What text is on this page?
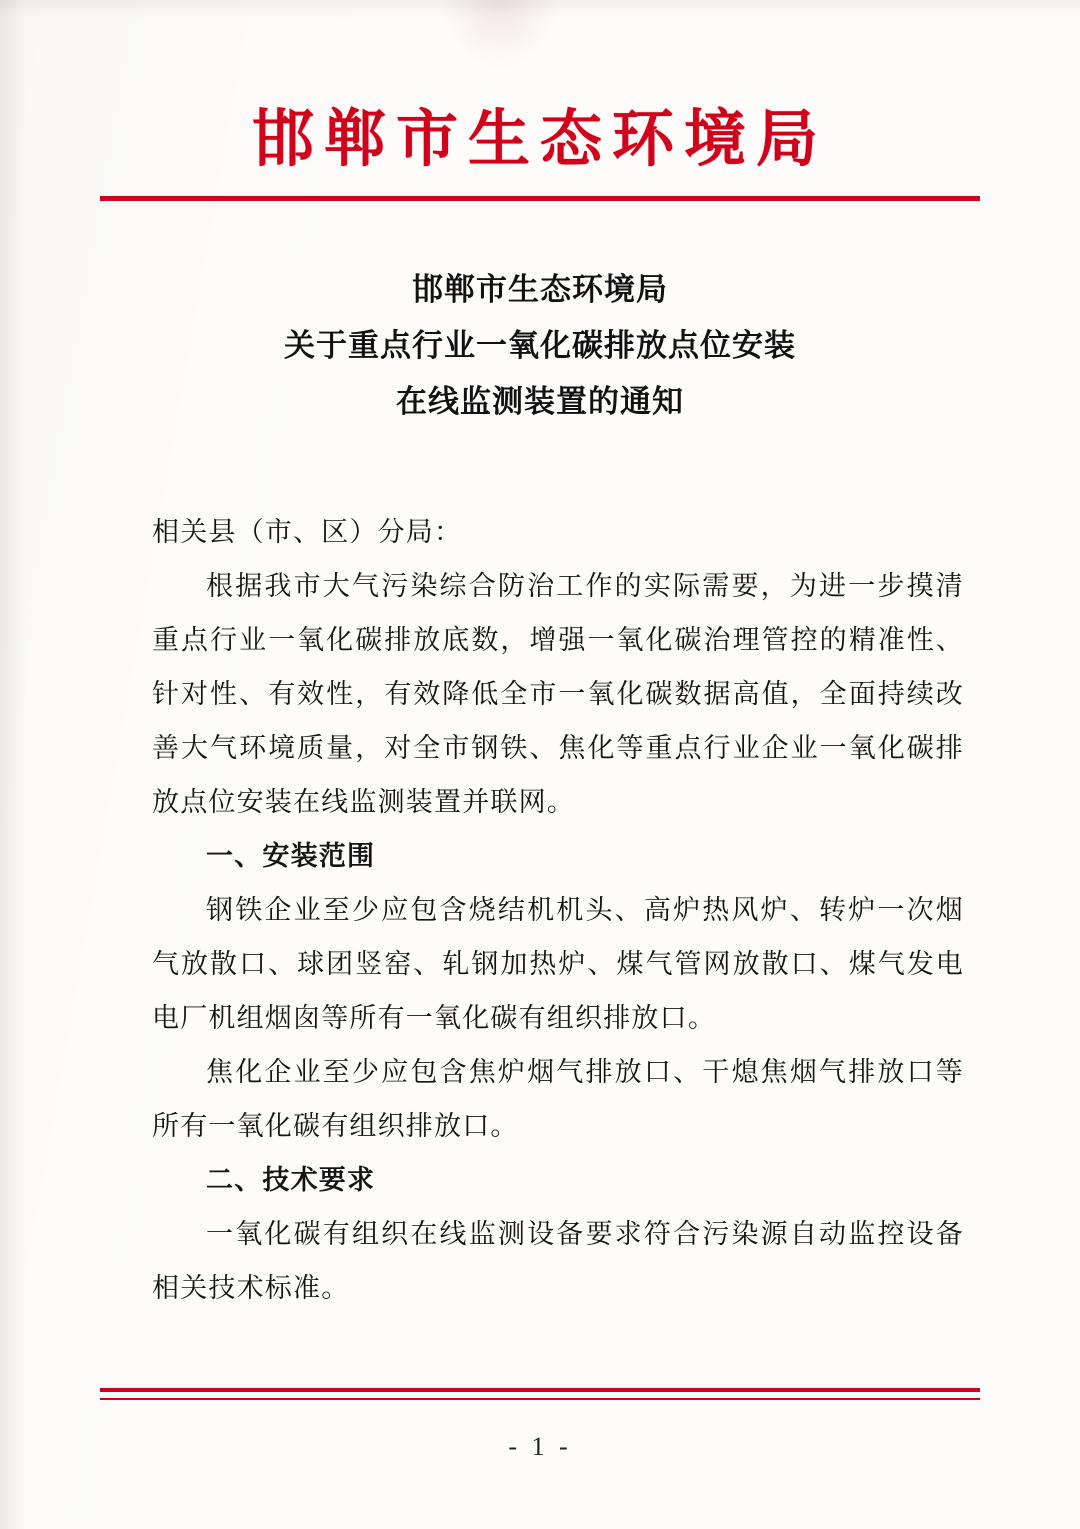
邯郸市生态环境局
邯郸市生态环境局
关于重点行业一氧化碳排放点位安装
在线监测装置的通知

相关县（市、区）分局：

根据我市大气污染综合防治工作的实际需要，为进一步摸清重点行业一氧化碳排放底数，增强一氧化碳治理管控的精准性、针对性、有效性，有效降低全市一氧化碳数据高值，全面持续改善大气环境质量，对全市钢铁、焦化等重点行业企业一氧化碳排放点位安装在线监测装置并联网。

一、安装范围

钢铁企业至少应包含烧结机机头、高炉热风炉、转炉一次烟气放散口、球团竖窑、轧钢加热炉、煤气管网放散口、煤气发电电厂机组烟囱等所有一氧化碳有组织排放口。

焦化企业至少应包含焦炉烟气排放口、干熄焦烟气排放口等所有一氧化碳有组织排放口。

二、技术要求

一氧化碳有组织在线监测设备要求符合污染源自动监控设备相关技术标准。

- 1 -
